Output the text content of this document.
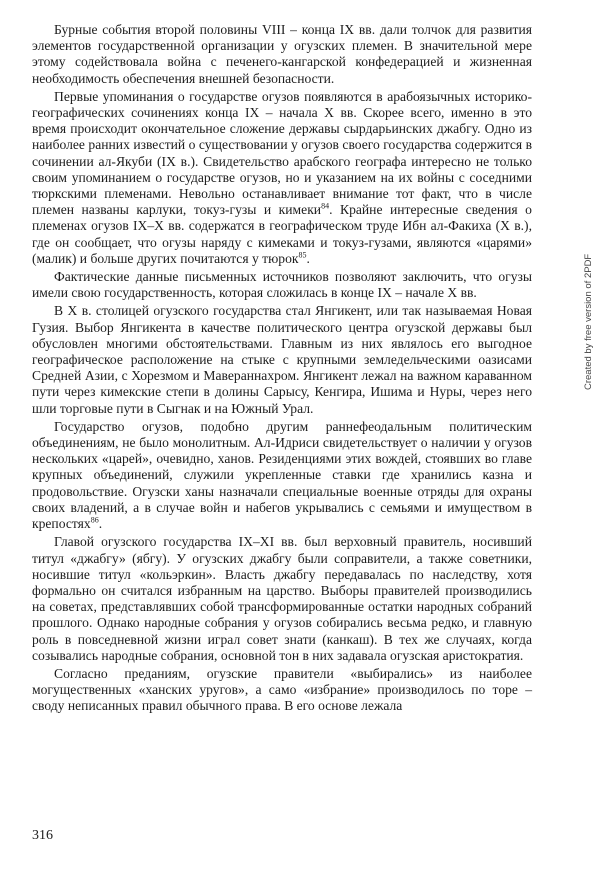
Бурные события второй половины VIII – конца IX вв. дали толчок для развития элементов государственной организации у огузских племен. В значительной мере этому содействовала война с печенего-кангарской конфедерацией и жизненная необходимость обеспечения внешней безопасности.

Первые упоминания о государстве огузов появляются в арабоязычных историко-географических сочинениях конца IX – начала X вв. Скорее всего, именно в это время происходит окончательное сложение державы сырдарьинских джабгу. Одно из наиболее ранних известий о существовании у огузов своего государства содержится в сочинении ал-Якуби (IX в.). Свидетельство арабского географа интересно не только своим упоминанием о государстве огузов, но и указанием на их войны с соседними тюркскими племенами. Невольно останавливает внимание тот факт, что в числе племен названы карлуки, токуз-гузы и кимеки$^{84}$. Крайне интересные сведения о племенах огузов IX–X вв. содержатся в географическом труде Ибн ал-Факиха (X в.), где он сообщает, что огузы наряду с кимеками и токуз-гузами, являются «царями» (малик) и больше других почитаются у тюрок$^{85}$.

Фактические данные письменных источников позволяют заключить, что огузы имели свою государственность, которая сложилась в конце IX – начале X вв.

В X в. столицей огузского государства стал Янгикент, или так называемая Новая Гузия. Выбор Янгикента в качестве политического центра огузской державы был обусловлен многими обстоятельствами. Главным из них являлось его выгодное географическое расположение на стыке с крупными земледельческими оазисами Средней Азии, с Хорезмом и Мавераннахром. Янгикент лежал на важном караванном пути через кимекские степи в долины Сарысу, Кенгира, Ишима и Нуры, через него шли торговые пути в Сыгнак и на Южный Урал.

Государство огузов, подобно другим раннефеодальным политическим объединениям, не было монолитным. Ал-Идриси свидетельствует о наличии у огузов нескольких «царей», очевидно, ханов. Резиденциями этих вождей, стоявших во главе крупных объединений, служили укрепленные ставки где хранились казна и продовольствие. Огузски ханы назначали специальные военные отряды для охраны своих владений, а в случае войн и набегов укрывались с семьями и имуществом в крепостях$^{86}$.

Главой огузского государства IX–XI вв. был верховный правитель, носивший титул «джабгу» (ябгу). У огузских джабгу были соправители, а также советники, носившие титул «кольэркин». Власть джабгу передавалась по наследству, хотя формально он считался избранным на царство. Выборы правителей производились на советах, представлявших собой трансформированные остатки народных собраний прошлого. Однако народные собрания у огузов собирались весьма редко, и главную роль в повседневной жизни играл совет знати (канкаш). В тех же случаях, когда созывались народные собрания, основной тон в них задавала огузская аристократия.

Согласно преданиям, огузские правители «выбирались» из наиболее могущественных «ханских уругов», а само «избрание» производилось по торе – своду неписанных правил обычного права. В его основе лежала

316
Created by free version of 2PDF
